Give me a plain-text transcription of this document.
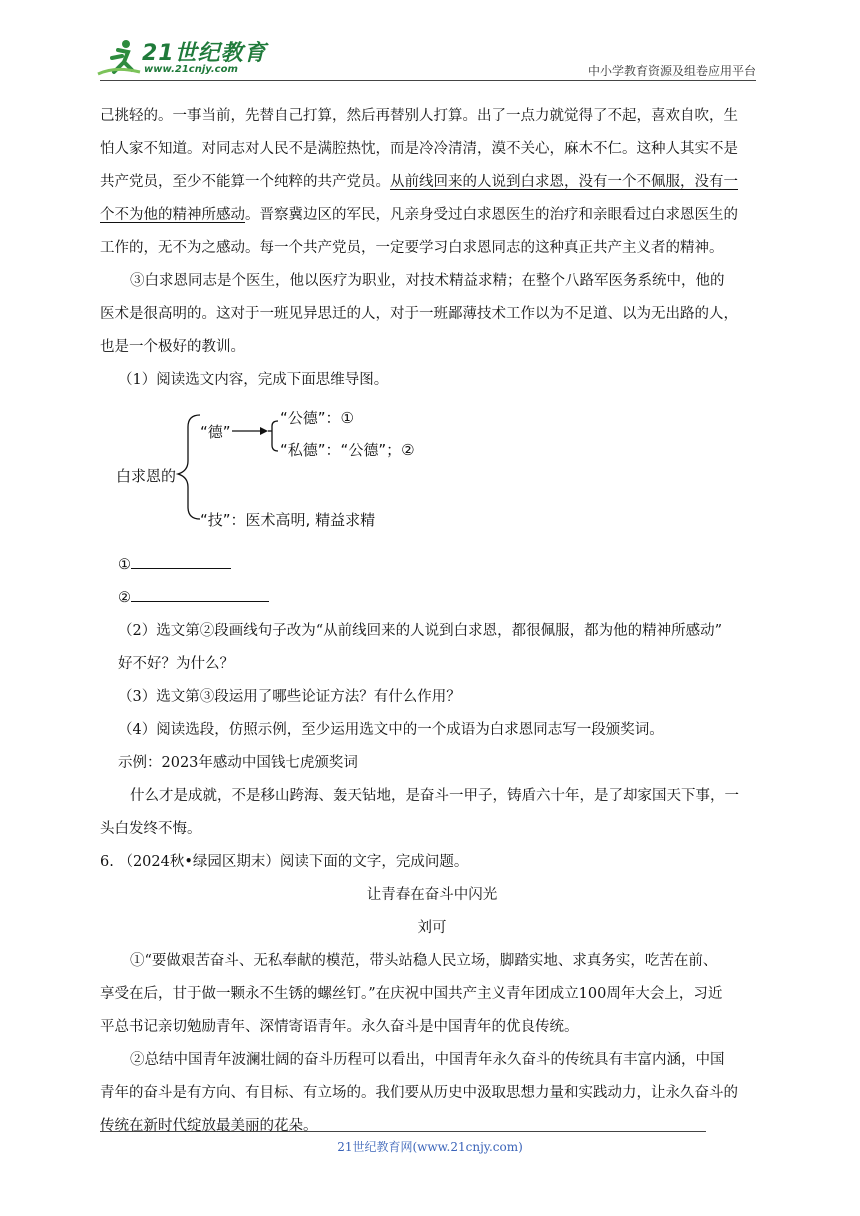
21世纪教育
www.21cnjy.com	中小学教育资源及组卷应用平台
己挑轻的。一事当前，先替自己打算，然后再替别人打算。出了一点力就觉得了不起，喜欢自吹，生
怕人家不知道。对同志对人民不是满腔热忱，而是冷冷清清，漠不关心，麻木不仁。这种人其实不是
共产党员，至少不能算一个纯粹的共产党员。从前线回来的人说到白求恩，没有一个不佩服，没有一
个不为他的精神所感动。晋察冀边区的军民，凡亲身受过白求恩医生的治疗和亲眼看过白求恩医生的
工作的，无不为之感动。每一个共产党员，一定要学习白求恩同志的这种真正共产主义者的精神。
③白求恩同志是个医生，他以医疗为职业，对技术精益求精；在整个八路军医务系统中，他的
医术是很高明的。这对于一班见异思迁的人，对于一班鄙薄技术工作以为不足道、以为无出路的人，
也是一个极好的教训。
（1）阅读选文内容，完成下面思维导图。
白求恩的
“德”
“公德”：①
“私德”：“公德”；②
“技”：医术高明, 精益求精
①
②
（2）选文第②段画线句子改为“从前线回来的人说到白求恩，都很佩服，都为他的精神所感动”
好不好？为什么？
（3）选文第③段运用了哪些论证方法？有什么作用？
（4）阅读选段，仿照示例，至少运用选文中的一个成语为白求恩同志写一段颁奖词。
示例：2023年感动中国钱七虎颁奖词
什么才是成就，不是移山跨海、轰天钻地，是奋斗一甲子，铸盾六十年，是了却家国天下事，一
头白发终不悔。
6. （2024秋•绿园区期末）阅读下面的文字，完成问题。
让青春在奋斗中闪光
刘可
①“要做艰苦奋斗、无私奉献的模范，带头站稳人民立场，脚踏实地、求真务实，吃苦在前、
享受在后，甘于做一颗永不生锈的螺丝钉。”在庆祝中国共产主义青年团成立100周年大会上，习近
平总书记亲切勉励青年、深情寄语青年。永久奋斗是中国青年的优良传统。
②总结中国青年波澜壮阔的奋斗历程可以看出，中国青年永久奋斗的传统具有丰富内涵，中国
青年的奋斗是有方向、有目标、有立场的。我们要从历史中汲取思想力量和实践动力，让永久奋斗的
传统在新时代绽放最美丽的花朵。
21世纪教育网(www.21cnjy.com)
